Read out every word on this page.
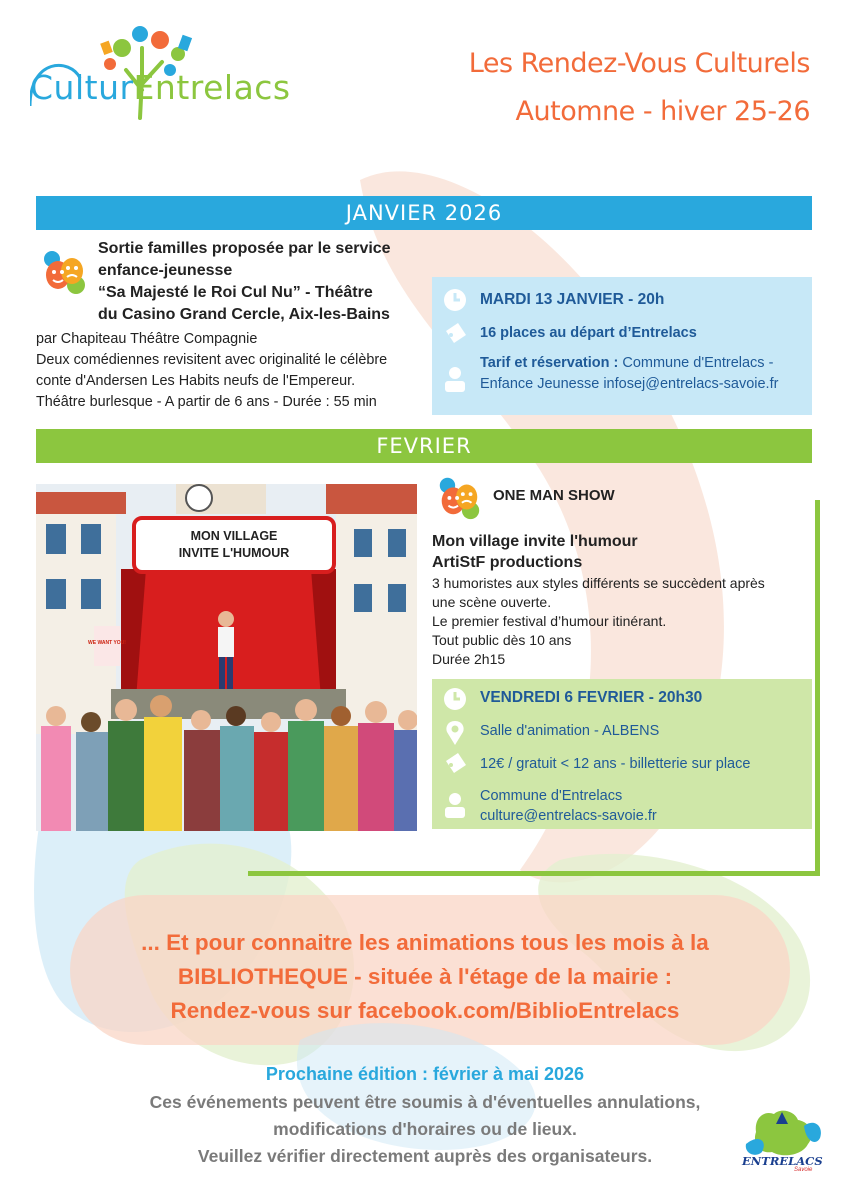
CulturEntrelacs
Les Rendez-Vous Culturels
Automne - hiver 25-26
JANVIER 2026
Sortie familles proposée par le service
enfance-jeunesse
“Sa Majesté le Roi Cul Nu” - Théâtre
du Casino Grand Cercle, Aix-les-Bains
par Chapiteau Théâtre Compagnie
Deux comédiennes revisitent avec originalité le célèbre
conte d'Andersen Les Habits neufs de l'Empereur.
Théâtre burlesque - A partir de 6 ans - Durée : 55 min
MARDI 13 JANVIER - 20h
16 places au départ d’Entrelacs
Tarif et réservation : Commune d'Entrelacs -
Enfance Jeunesse infosej@entrelacs-savoie.fr
FEVRIER
MON VILLAGE
INVITE L'HUMOUR
WE WANT YOU!
ONE MAN SHOW
Mon village invite l'humour
ArtiStF productions
3 humoristes aux styles différents se succèdent après
une scène ouverte.
Le premier festival d’humour itinérant.
Tout public dès 10 ans
Durée 2h15
VENDREDI 6 FEVRIER - 20h30
Salle d'animation - ALBENS
12€ / gratuit < 12 ans - billetterie sur place
Commune d'Entrelacs
culture@entrelacs-savoie.fr
... Et pour connaitre les animations tous les mois à la
BIBLIOTHEQUE - située à l'étage de la mairie :
Rendez-vous sur facebook.com/BiblioEntrelacs
Prochaine édition : février à mai 2026
Ces événements peuvent être soumis à d'éventuelles annulations,
modifications d'horaires ou de lieux.
Veuillez vérifier directement auprès des organisateurs.	ENTRELACS
Savoie
